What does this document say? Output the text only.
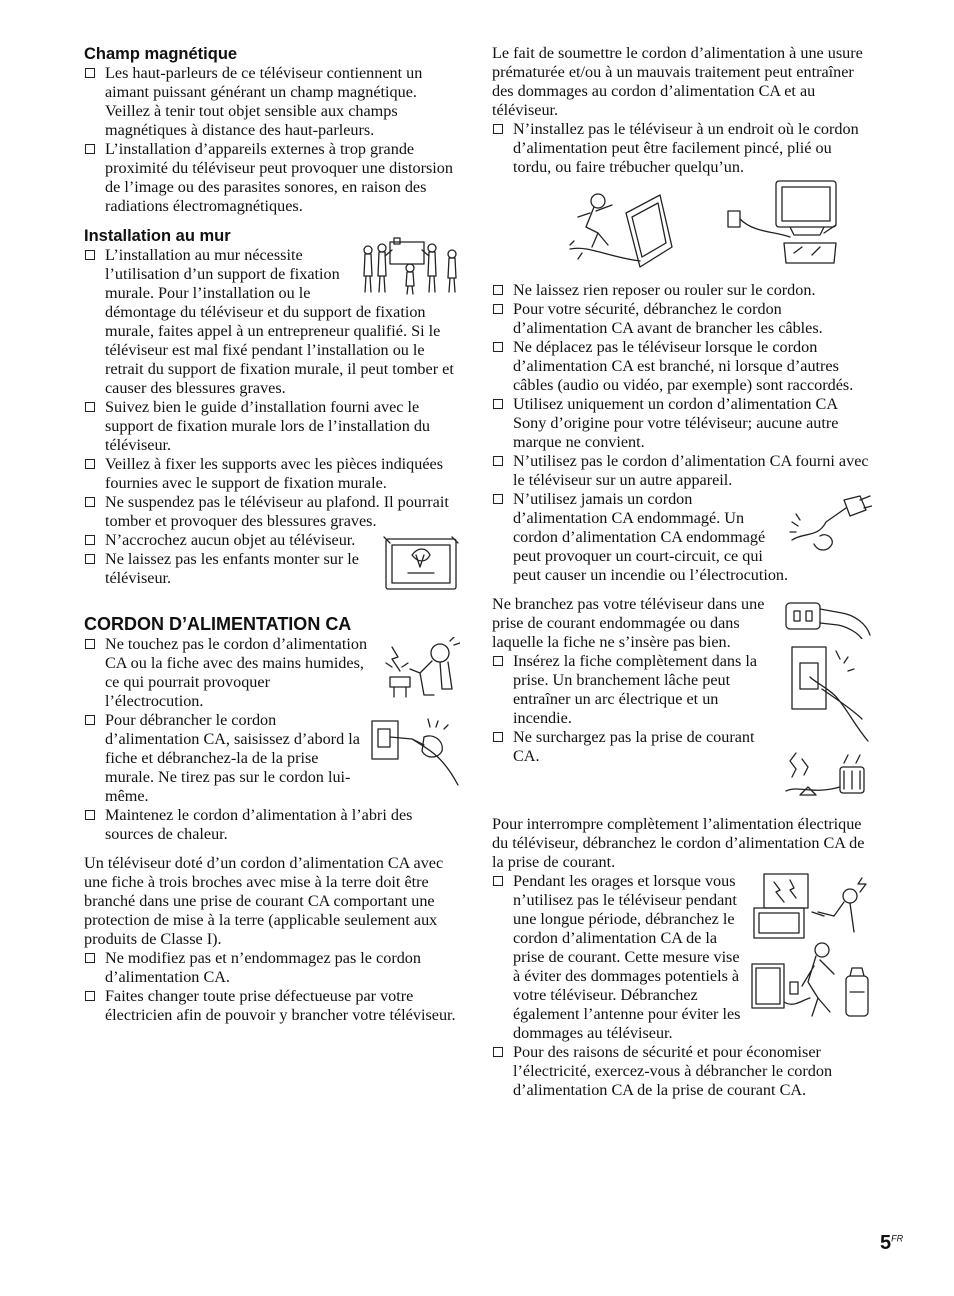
Champ magnétique
Les haut-parleurs de ce téléviseur contiennent un aimant puissant générant un champ magnétique. Veillez à tenir tout objet sensible aux champs magnétiques à distance des haut-parleurs.
L’installation d’appareils externes à trop grande proximité du téléviseur peut provoquer une distorsion de l’image ou des parasites sonores, en raison des radiations électromagnétiques.
Installation au mur
L’installation au mur nécessite l’utilisation d’un support de fixation murale. Pour l’installation ou le démontage du téléviseur et du support de fixation murale, faites appel à un entrepreneur qualifié. Si le téléviseur est mal fixé pendant l’installation ou le retrait du support de fixation murale, il peut tomber et causer des blessures graves.
Suivez bien le guide d’installation fourni avec le support de fixation murale lors de l’installation du téléviseur.
Veillez à fixer les supports avec les pièces indiquées fournies avec le support de fixation murale.
Ne suspendez pas le téléviseur au plafond. Il pourrait tomber et provoquer des blessures graves.
N’accrochez aucun objet au téléviseur.
Ne laissez pas les enfants monter sur le téléviseur.
CORDON D’ALIMENTATION CA
Ne touchez pas le cordon d’alimentation CA ou la fiche avec des mains humides, ce qui pourrait provoquer l’électrocution.
Pour débrancher le cordon d’alimentation CA, saisissez d’abord la fiche et débranchez-la de la prise murale. Ne tirez pas sur le cordon lui-même.
Maintenez le cordon d’alimentation à l’abri des sources de chaleur.

Un téléviseur doté d’un cordon d’alimentation CA avec une fiche à trois broches avec mise à la terre doit être branché dans une prise de courant CA comportant une protection de mise à la terre (applicable seulement aux produits de Classe I).

Ne modifiez pas et n’endommagez pas le cordon d’alimentation CA.
Faites changer toute prise défectueuse par votre électricien afin de pouvoir y brancher votre téléviseur.

Le fait de soumettre le cordon d’alimentation à une usure prématurée et/ou à un mauvais traitement peut entraîner des dommages au cordon d’alimentation CA et au téléviseur.

N’installez pas le téléviseur à un endroit où le cordon d’alimentation peut être facilement pincé, plié ou tordu, ou faire trébucher quelqu’un.
Ne laissez rien reposer ou rouler sur le cordon.
Pour votre sécurité, débranchez le cordon d’alimentation CA avant de brancher les câbles.
Ne déplacez pas le téléviseur lorsque le cordon d’alimentation CA est branché, ni lorsque d’autres câbles (audio ou vidéo, par exemple) sont raccordés.
Utilisez uniquement un cordon d’alimentation CA Sony d’origine pour votre téléviseur; aucune autre marque ne convient.
N’utilisez pas le cordon d’alimentation CA fourni avec le téléviseur sur un autre appareil.
N’utilisez jamais un cordon d’alimentation CA endommagé. Un cordon d’alimentation CA endommagé peut provoquer un court-circuit, ce qui peut causer un incendie ou l’électrocution.

Ne branchez pas votre téléviseur dans une prise de courant endommagée ou dans laquelle la fiche ne s’insère pas bien.

Insérez la fiche complètement dans la prise. Un branchement lâche peut entraîner un arc électrique et un incendie.
Ne surchargez pas la prise de courant CA.

Pour interrompre complètement l’alimentation électrique du téléviseur, débranchez le cordon d’alimentation CA de la prise de courant.

Pendant les orages et lorsque vous n’utilisez pas le téléviseur pendant une longue période, débranchez le cordon d’alimentation CA de la prise de courant. Cette mesure vise à éviter des dommages potentiels à votre téléviseur. Débranchez également l’antenne pour éviter les dommages au téléviseur.
Pour des raisons de sécurité et pour économiser l’électricité, exercez-vous à débrancher le cordon d’alimentation CA de la prise de courant CA.
$5^{FR}$
